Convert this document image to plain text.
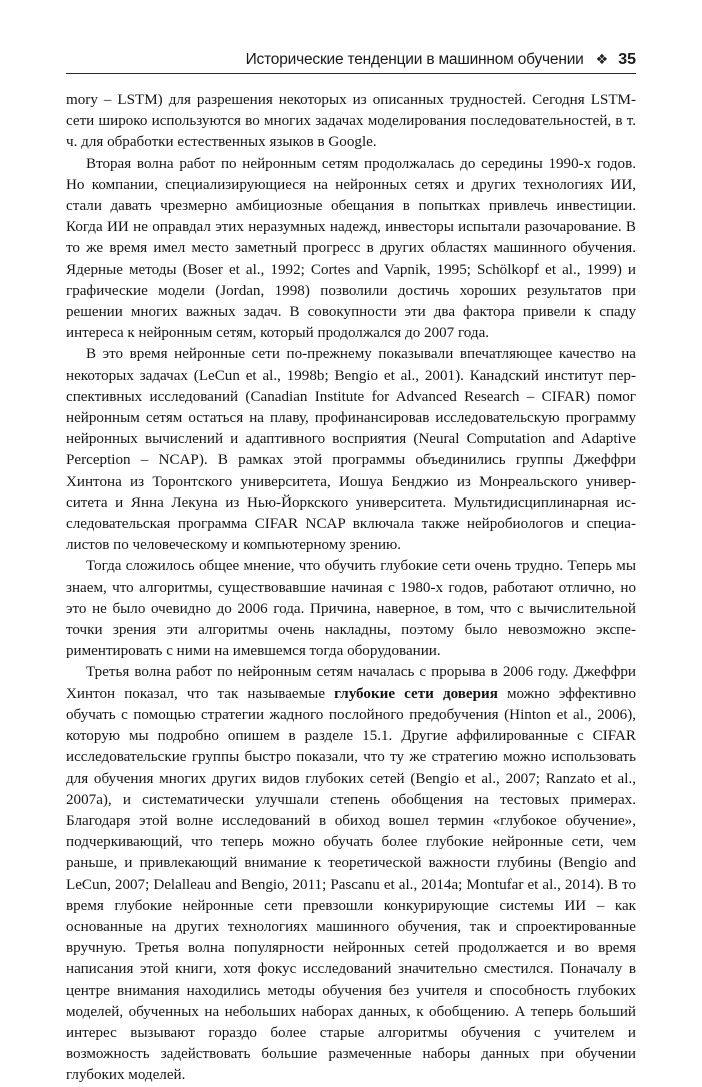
Исторические тенденции в машинном обучении ❖ 35

mory – LSTM) для разрешения некоторых из описанных трудностей. Сегодня LSTM-сети широко используются во многих задачах моделирования последовательностей, в т. ч. для обработки естественных языков в Google.

Вторая волна работ по нейронным сетям продолжалась до середины 1990-х годов. Но компании, специализирующиеся на нейронных сетях и других технологиях ИИ, стали давать чрезмерно амбициозные обещания в попытках привлечь инвестиции. Когда ИИ не оправдал этих неразумных надежд, инвесторы испытали разочарование. В то же время имел место заметный прогресс в других областях машинного обучения. Ядерные методы (Boser et al., 1992; Cortes and Vapnik, 1995; Schölkopf et al., 1999) и графические модели (Jordan, 1998) позволили достичь хороших результатов при решении многих важных задач. В совокупности эти два фактора привели к спаду интереса к нейронным сетям, который продолжался до 2007 года.

В это время нейронные сети по-прежнему показывали впечатляющее качество на некоторых задачах (LeCun et al., 1998b; Bengio et al., 2001). Канадский институт перспективных исследований (Canadian Institute for Advanced Research – CIFAR) помог нейронным сетям остаться на плаву, профинансировав исследовательскую программу нейронных вычислений и адаптивного восприятия (Neural Computation and Adaptive Perception – NCAP). В рамках этой программы объединились группы Джеффри Хинтона из Торонтского университета, Иошуа Бенджио из Монреальского университета и Янна Лекуна из Нью-Йоркского университета. Мультидисциплинарная исследовательская программа CIFAR NCAP включала также нейробиологов и специалистов по человеческому и компьютерному зрению.

Тогда сложилось общее мнение, что обучить глубокие сети очень трудно. Теперь мы знаем, что алгоритмы, существовавшие начиная с 1980-х годов, работают отлично, но это не было очевидно до 2006 года. Причина, наверное, в том, что с вычислительной точки зрения эти алгоритмы очень накладны, поэтому было невозможно экспериментировать с ними на имевшемся тогда оборудовании.

Третья волна работ по нейронным сетям началась с прорыва в 2006 году. Джеффри Хинтон показал, что так называемые глубокие сети доверия можно эффективно обучать с помощью стратегии жадного послойного предобучения (Hinton et al., 2006), которую мы подробно опишем в разделе 15.1. Другие аффилированные с CIFAR исследовательские группы быстро показали, что ту же стратегию можно использовать для обучения многих других видов глубоких сетей (Bengio et al., 2007; Ranzato et al., 2007a), и систематически улучшали степень обобщения на тестовых примерах. Благодаря этой волне исследований в обиход вошел термин «глубокое обучение», подчеркивающий, что теперь можно обучать более глубокие нейронные сети, чем раньше, и привлекающий внимание к теоретической важности глубины (Bengio and LeCun, 2007; Delalleau and Bengio, 2011; Pascanu et al., 2014a; Montufar et al., 2014). В то время глубокие нейронные сети превзошли конкурирующие системы ИИ – как основанные на других технологиях машинного обучения, так и спроектированные вручную. Третья волна популярности нейронных сетей продолжается и во время написания этой книги, хотя фокус исследований значительно сместился. Поначалу в центре внимания находились методы обучения без учителя и способность глубоких моделей, обученных на небольших наборах данных, к обобщению. А теперь больший интерес вызывают гораздо более старые алгоритмы обучения с учителем и возможность задействовать большие размеченные наборы данных при обучении глубоких моделей.
